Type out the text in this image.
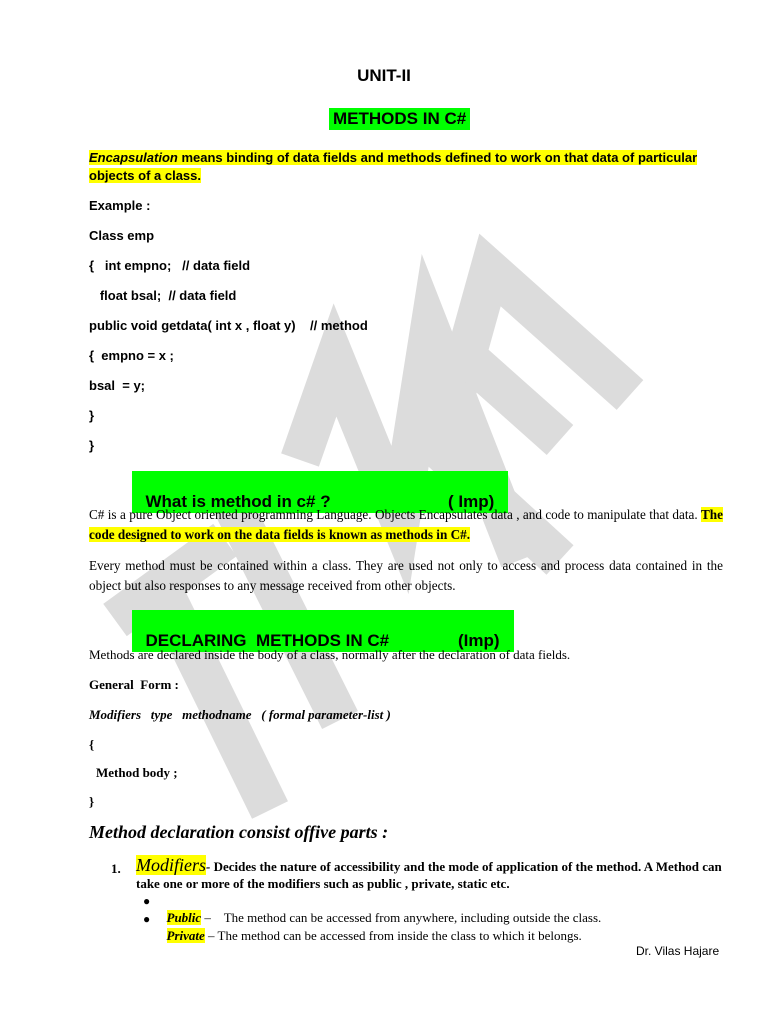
UNIT-II
METHODS IN C#
Encapsulation means binding of data fields and methods defined to work on that data of particular objects of a class.
Example :
Class emp
{   int empno;   // data field
float bsal;  // data field
public void getdata( int x , float y)    // method
{  empno = x ;
bsal  = y;
}
}

What is method in c# ?	( Imp)

C# is a pure Object oriented programming Language. Objects Encapsulates data , and code to manipulate that data. The code designed to work on the data fields is known as methods in C#.
Every method must be contained within a class. They are used not only to access and process data contained in the object but also responses to any message received from other objects.

DECLARING  METHODS IN C#	(Imp)

Methods are declared inside the body of a class, normally after the declaration of data fields.
General  Form :
Modifiers   type   methodname   ( formal parameter-list )
{
Method body ;
}
Method declaration consist offive parts :
1. Modifiers- Decides the nature of accessibility and the mode of application of the method. A Method can take one or more of the modifiers such as public , private, static etc.

●
Public –    The method can be accessed from anywhere, including outside the class.

●
Private – The method can be accessed from inside the class to which it belongs.

Dr. Vilas Hajare
